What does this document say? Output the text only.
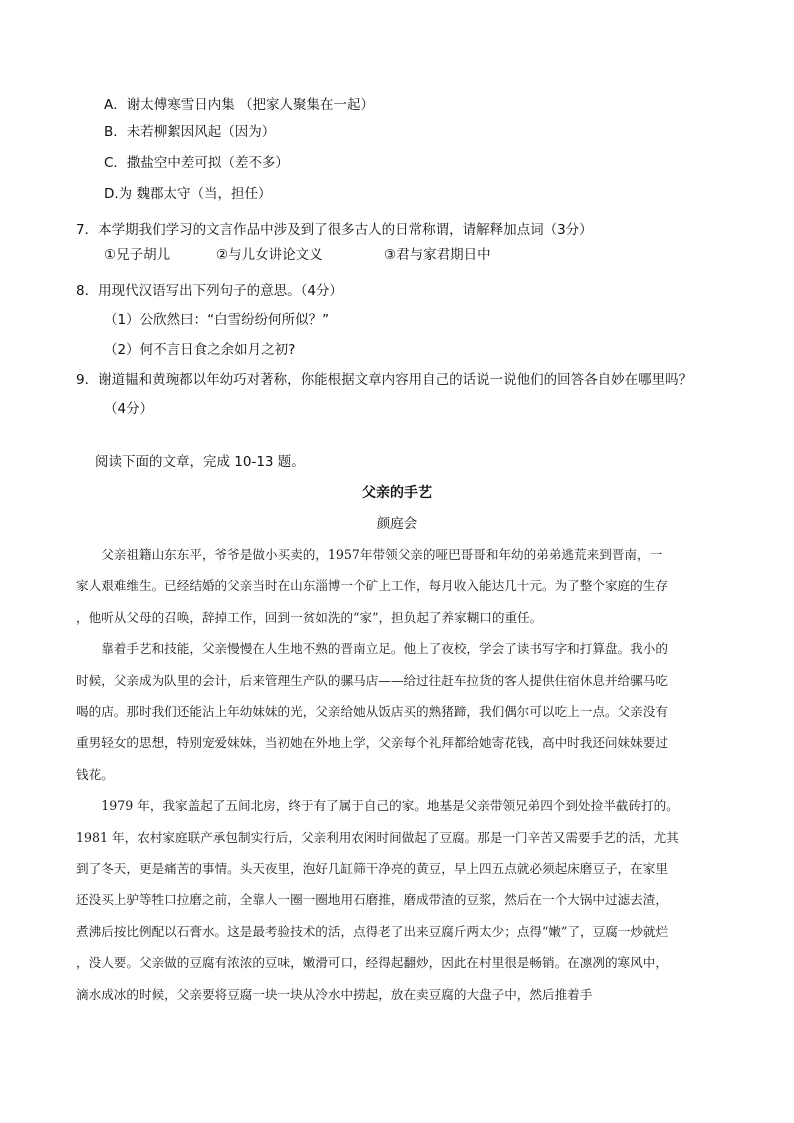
A．谢太傅寒雪日内集 （把家人聚集在一起）
B．未若柳絮因风起（因为）
C．撒盐空中差可拟（差不多）
D.为 魏郡太守（当，担任）
7．本学期我们学习的文言作品中涉及到了很多古人的日常称谓，请解释加点词（3分）
①兄子胡儿	②与儿女讲论文义	③君与家君期日中
8．用现代汉语写出下列句子的意思。（4分）
（1）公欣然曰：“白雪纷纷何所似？”
（2）何不言日食之余如月之初?
9．谢道韫和黄琬都以年幼巧对著称，你能根据文章内容用自己的话说一说他们的回答各自妙在哪里吗？
（4分）
阅读下面的文章，完成 10-13 题。
父亲的手艺
颜庭会

　　父亲祖籍山东东平，爷爷是做小买卖的，1957年带领父亲的哑巴哥哥和年幼的弟弟逃荒来到晋南，一

家人艰难维生。已经结婚的父亲当时在山东淄博一个矿上工作，每月收入能达几十元。为了整个家庭的生存

，他听从父母的召唤，辞掉工作，回到一贫如洗的“家”，担负起了养家糊口的重任。

　　靠着手艺和技能，父亲慢慢在人生地不熟的晋南立足。他上了夜校，学会了读书写字和打算盘。我小的

时候，父亲成为队里的会计，后来管理生产队的骡马店——给过往赶车拉货的客人提供住宿休息并给骡马吃

喝的店。那时我们还能沾上年幼妹妹的光，父亲给她从饭店买的熟猪蹄，我们偶尔可以吃上一点。父亲没有

重男轻女的思想，特别宠爱妹妹，当初她在外地上学，父亲每个礼拜都给她寄花钱，高中时我还问妹妹要过

钱花。

　　1979 年，我家盖起了五间北房，终于有了属于自己的家。地基是父亲带领兄弟四个到处捡半截砖打的。

1981 年，农村家庭联产承包制实行后，父亲利用农闲时间做起了豆腐。那是一门辛苦又需要手艺的活，尤其

到了冬天，更是痛苦的事情。头天夜里，泡好几缸筛干净亮的黄豆，早上四五点就必须起床磨豆子，在家里

还没买上驴等牲口拉磨之前，全靠人一圈一圈地用石磨推，磨成带渣的豆浆，然后在一个大锅中过滤去渣，

煮沸后按比例配以石膏水。这是最考验技术的活，点得老了出来豆腐斤两太少；点得“嫩”了，豆腐一炒就烂

，没人要。父亲做的豆腐有浓浓的豆味，嫩滑可口，经得起翻炒，因此在村里很是畅销。在凛冽的寒风中，

滴水成冰的时候，父亲要将豆腐一块一块从冷水中捞起，放在卖豆腐的大盘子中，然后推着手
